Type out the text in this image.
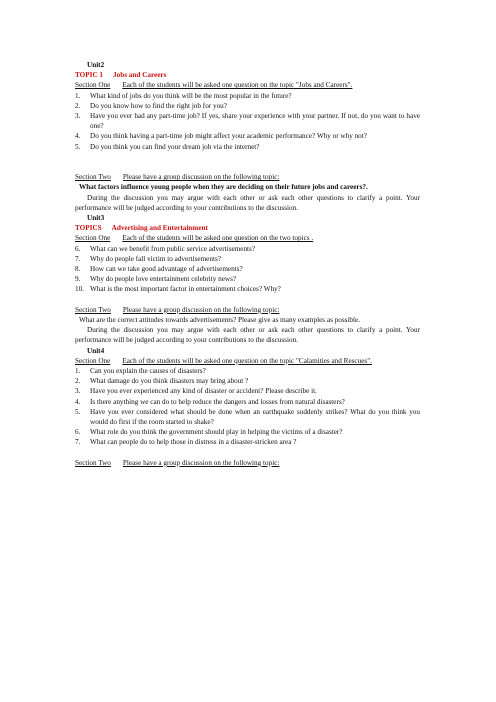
Unit2
TOPIC 1 Jobs and Careers
Section One Each of the students will be asked one question on the topic "Jobs and Careers".
1.	What kind of jobs do you think will be the most popular in the future?
2.	Do you know how to find the right job for you?
3.	Have you ever had any part-time job? If yes, share your experience with your partner. If not, do you want to have one?
4.	Do you think having a part-time job might affect your academic performance? Why or why not?
5.	Do you think you can find your dream job via the internet?
Section Two Please have a group discussion on the following topic:
What factors influence young people when they are deciding on their future jobs and careers?.
During the discussion you may argue with each other or ask each other questions to clarify a point. Your performance will be judged according to your contributions to the discussion.
Unit3
TOPICS Advertising and Entertainment
Section One Each of the students will be asked one question on the two topics .
6.	What can we benefit from public service advertisements?
7.	Why do people fall victim to advertisements?
8.	How can we take good advantage of advertisements?
9.	Why do people love entertainment celebrity news?
10. What is the most important factor in entertainment choices? Why?
Section Two Please have a group discussion on the following topic:
What are the correct attitudes towards advertisements? Please give as many examples as possible.
During the discussion you may argue with each other or ask each other questions to clarify a point. Your performance will be judged according to your contributions to the discussion.
Unit4
Section One Each of the students will be asked one question on the topic "Calamities and Rescues".
1.	Can you explain the causes of disasters?
2.	What damage do you think disasters may bring about ?
3.	Have you ever experienced any kind of disaster or accident? Please describe it.
4.	Is there anything we can do to help reduce the dangers and losses from natural disasters?
5.	Have you ever considered what should be done when an earthquake suddenly strikes? What do you think you would do first if the room started to shake?
6.	What role do you think the government should play in helping the victims of a disaster?
7.	What can people do to help those in distress in a disaster-stricken area ?
Section Two Please have a group discussion on the following topic:
